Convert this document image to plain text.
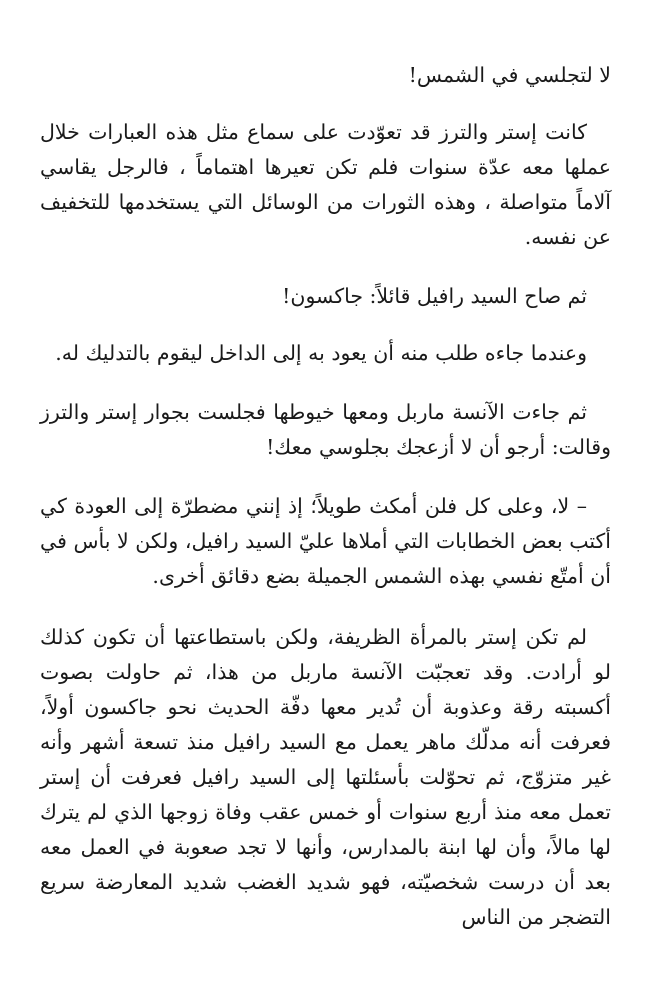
لا لتجلسي في الشمس!

كانت إستر والترز قد تعوّدت على سماع مثل هذه العبارات خلال عملها معه عدّة سنوات فلم تكن تعيرها اهتماماً ، فالرجل يقاسي آلاماً متواصلة ، وهذه الثورات من الوسائل التي يستخدمها للتخفيف عن نفسه.

ثم صاح السيد رافيل قائلاً: جاكسون!

وعندما جاءه طلب منه أن يعود به إلى الداخل ليقوم بالتدليك له.

ثم جاءت الآنسة ماربل ومعها خيوطها فجلست بجوار إستر والترز وقالت: أرجو أن لا أزعجك بجلوسي معك!

– لا، وعلى كل فلن أمكث طويلاً؛ إذ إنني مضطرّة إلى العودة كي أكتب بعض الخطابات التي أملاها عليّ السيد رافيل، ولكن لا بأس في أن أمتّع نفسي بهذه الشمس الجميلة بضع دقائق أخرى.

لم تكن إستر بالمرأة الظريفة، ولكن باستطاعتها أن تكون كذلك لو أرادت. وقد تعجبّت الآنسة ماربل من هذا، ثم حاولت بصوت أكسبته رقة وعذوبة أن تُدير معها دفّة الحديث نحو جاكسون أولاً، فعرفت أنه مدلّك ماهر يعمل مع السيد رافيل منذ تسعة أشهر وأنه غير متزوّج، ثم تحوّلت بأسئلتها إلى السيد رافيل فعرفت أن إستر تعمل معه منذ أربع سنوات أو خمس عقب وفاة زوجها الذي لم يترك لها مالاً، وأن لها ابنة بالمدارس، وأنها لا تجد صعوبة في العمل معه بعد أن درست شخصيّته، فهو شديد الغضب شديد المعارضة سريع التضجر من الناس
